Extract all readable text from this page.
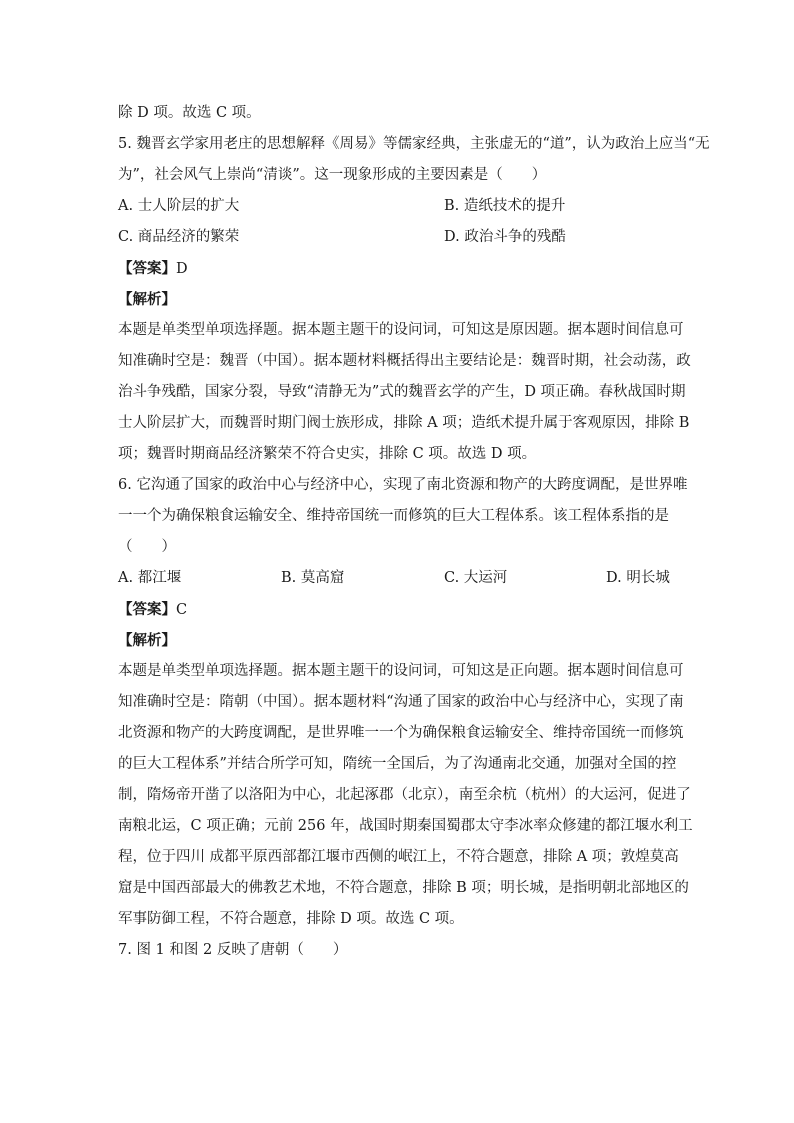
除 D 项。故选 C 项。
5. 魏晋玄学家用老庄的思想解释《周易》等儒家经典，主张虚无的“道”，认为政治上应当“无
为”，社会风气上崇尚“清谈”。这一现象形成的主要因素是（　　）
A. 士人阶层的扩大	B. 造纸技术的提升
C. 商品经济的繁荣	D. 政治斗争的残酷
【答案】D
【解析】
本题是单类型单项选择题。据本题主题干的设问词，可知这是原因题。据本题时间信息可
知准确时空是：魏晋（中国）。据本题材料概括得出主要结论是：魏晋时期，社会动荡，政
治斗争残酷，国家分裂，导致“清静无为”式的魏晋玄学的产生，D 项正确。春秋战国时期
士人阶层扩大，而魏晋时期门阀士族形成，排除 A 项；造纸术提升属于客观原因，排除 B
项；魏晋时期商品经济繁荣不符合史实，排除 C 项。故选 D 项。
6. 它沟通了国家的政治中心与经济中心，实现了南北资源和物产的大跨度调配，是世界唯
一一个为确保粮食运输安全、维持帝国统一而修筑的巨大工程体系。该工程体系指的是
（　　）
A. 都江堰	B. 莫高窟	C. 大运河	D. 明长城
【答案】C
【解析】
本题是单类型单项选择题。据本题主题干的设问词，可知这是正向题。据本题时间信息可
知准确时空是：隋朝（中国）。据本题材料“沟通了国家的政治中心与经济中心，实现了南
北资源和物产的大跨度调配，是世界唯一一个为确保粮食运输安全、维持帝国统一而修筑
的巨大工程体系”并结合所学可知，隋统一全国后，为了沟通南北交通，加强对全国的控
制，隋炀帝开凿了以洛阳为中心，北起涿郡（北京），南至余杭（杭州）的大运河，促进了
南粮北运，C 项正确；元前 256 年，战国时期秦国蜀郡太守李冰率众修建的都江堰水利工
程，位于四川 成都平原西部都江堰市西侧的岷江上，不符合题意，排除 A 项；敦煌莫高
窟是中国西部最大的佛教艺术地，不符合题意，排除 B 项；明长城，是指明朝北部地区的
军事防御工程，不符合题意，排除 D 项。故选 C 项。
7. 图 1 和图 2 反映了唐朝（　　）
